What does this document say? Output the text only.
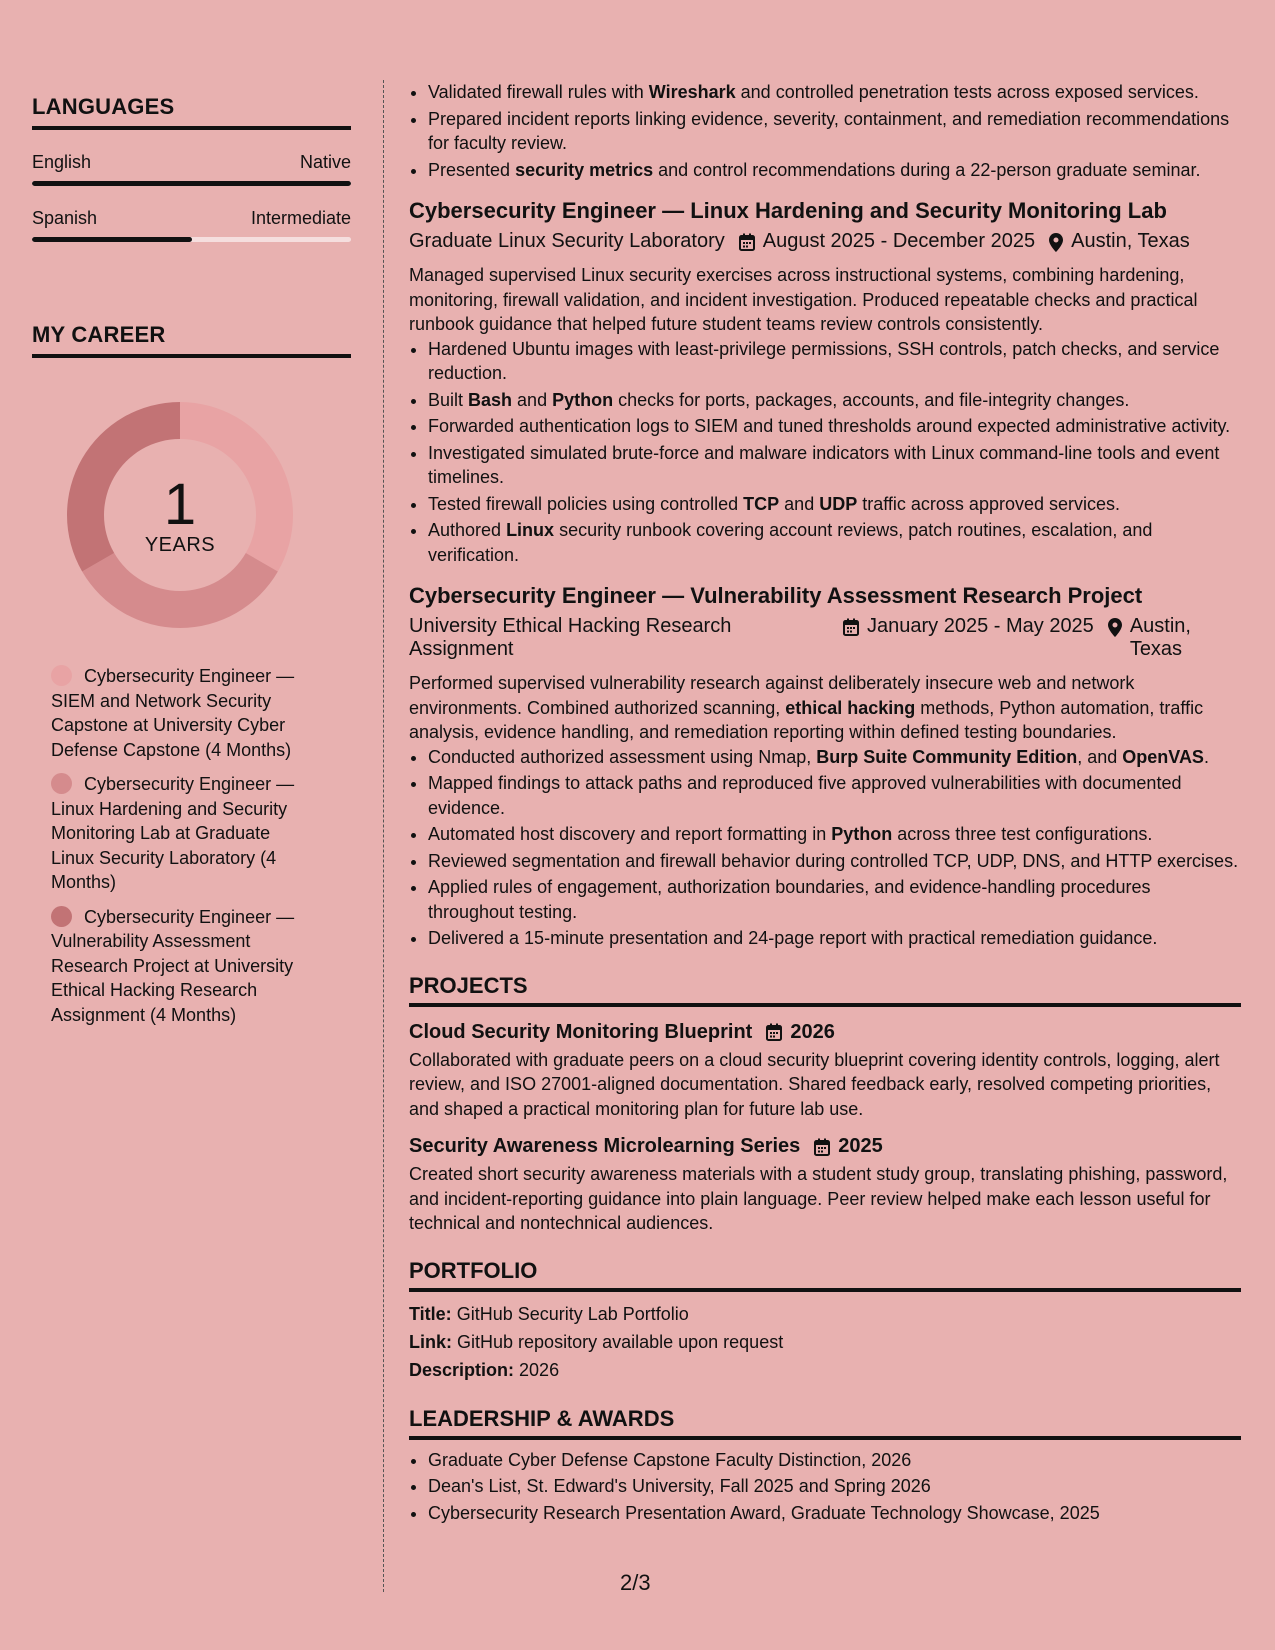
LANGUAGES
English	Native
Spanish	Intermediate
MY CAREER
1
YEARS
Cybersecurity Engineer — SIEM and Network Security Capstone at University Cyber Defense Capstone (4 Months)
Cybersecurity Engineer — Linux Hardening and Security Monitoring Lab at Graduate Linux Security Laboratory (4 Months)
Cybersecurity Engineer — Vulnerability Assessment Research Project at University Ethical Hacking Research Assignment (4 Months)
• Validated firewall rules with Wireshark and controlled penetration tests across exposed services.
• Prepared incident reports linking evidence, severity, containment, and remediation recommendations for faculty review.
• Presented security metrics and control recommendations during a 22-person graduate seminar.
Cybersecurity Engineer — Linux Hardening and Security Monitoring Lab
Graduate Linux Security Laboratory August 2025 - December 2025 Austin, Texas
Managed supervised Linux security exercises across instructional systems, combining hardening, monitoring, firewall validation, and incident investigation. Produced repeatable checks and practical runbook guidance that helped future student teams review controls consistently.
• Hardened Ubuntu images with least-privilege permissions, SSH controls, patch checks, and service reduction.
• Built Bash and Python checks for ports, packages, accounts, and file-integrity changes.
• Forwarded authentication logs to SIEM and tuned thresholds around expected administrative activity.
• Investigated simulated brute-force and malware indicators with Linux command-line tools and event timelines.
• Tested firewall policies using controlled TCP and UDP traffic across approved services.
• Authored Linux security runbook covering account reviews, patch routines, escalation, and verification.
Cybersecurity Engineer — Vulnerability Assessment Research Project
University Ethical Hacking Research Assignment
January 2025 - May 2025 Austin, Texas
Performed supervised vulnerability research against deliberately insecure web and network environments. Combined authorized scanning, ethical hacking methods, Python automation, traffic analysis, evidence handling, and remediation reporting within defined testing boundaries.
• Conducted authorized assessment using Nmap, Burp Suite Community Edition, and OpenVAS.
• Mapped findings to attack paths and reproduced five approved vulnerabilities with documented evidence.
• Automated host discovery and report formatting in Python across three test configurations.
• Reviewed segmentation and firewall behavior during controlled TCP, UDP, DNS, and HTTP exercises.
• Applied rules of engagement, authorization boundaries, and evidence-handling procedures throughout testing.
• Delivered a 15-minute presentation and 24-page report with practical remediation guidance.
PROJECTS
Cloud Security Monitoring Blueprint 2026
Collaborated with graduate peers on a cloud security blueprint covering identity controls, logging, alert review, and ISO 27001-aligned documentation. Shared feedback early, resolved competing priorities, and shaped a practical monitoring plan for future lab use.
Security Awareness Microlearning Series 2025
Created short security awareness materials with a student study group, translating phishing, password, and incident-reporting guidance into plain language. Peer review helped make each lesson useful for technical and nontechnical audiences.
PORTFOLIO
Title: GitHub Security Lab Portfolio
Link: GitHub repository available upon request
Description: 2026
LEADERSHIP & AWARDS
• Graduate Cyber Defense Capstone Faculty Distinction, 2026
• Dean's List, St. Edward's University, Fall 2025 and Spring 2026
• Cybersecurity Research Presentation Award, Graduate Technology Showcase, 2025
2/3
